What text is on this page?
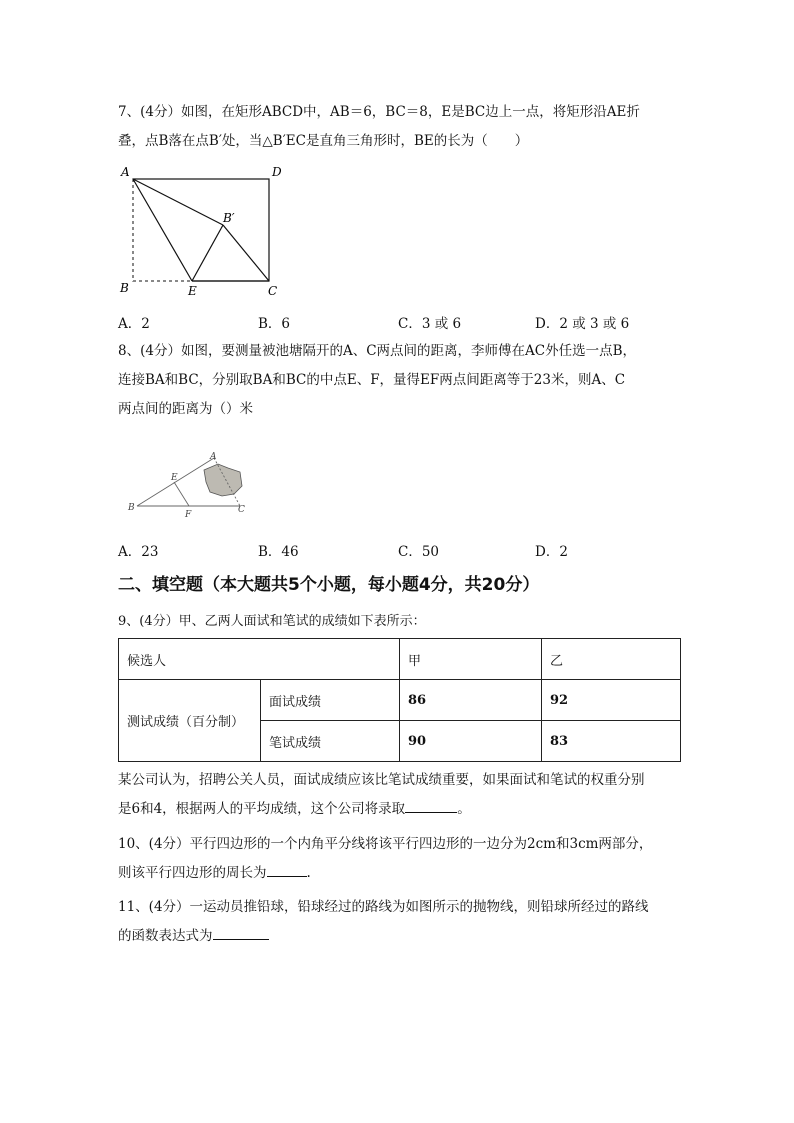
7、(4分）如图，在矩形ABCD中，AB＝6，BC＝8，E是BC边上一点，将矩形沿AE折
叠，点B落在点B′处，当△B′EC是直角三角形时，BE的长为（　　）
A	D
B′
B	E	C
A．2	B．6	C．3 或 6	D．2 或 3 或 6
8、(4分）如图，要测量被池塘隔开的A、C两点间的距离，李师傅在AC外任选一点B，
连接BA和BC，分别取BA和BC的中点E、F，量得EF两点间距离等于23米，则A、C
两点间的距离为（）米
A
E
B
F	C
A．23	B．46	C．50	D．2
二、填空题（本大题共5个小题，每小题4分，共20分）
9、(4分）甲、乙两人面试和笔试的成绩如下表所示：
候选人		甲	乙
测试成绩（百分制）	面试成绩	86	92
	笔试成绩	90	83
某公司认为，招聘公关人员，面试成绩应该比笔试成绩重要，如果面试和笔试的权重分别
是6和4，根据两人的平均成绩，这个公司将录取	。
10、(4分）平行四边形的一个内角平分线将该平行四边形的一边分为2cm和3cm两部分，
则该平行四边形的周长为	.
11、(4分）一运动员推铅球，铅球经过的路线为如图所示的抛物线，则铅球所经过的路线
的函数表达式为
